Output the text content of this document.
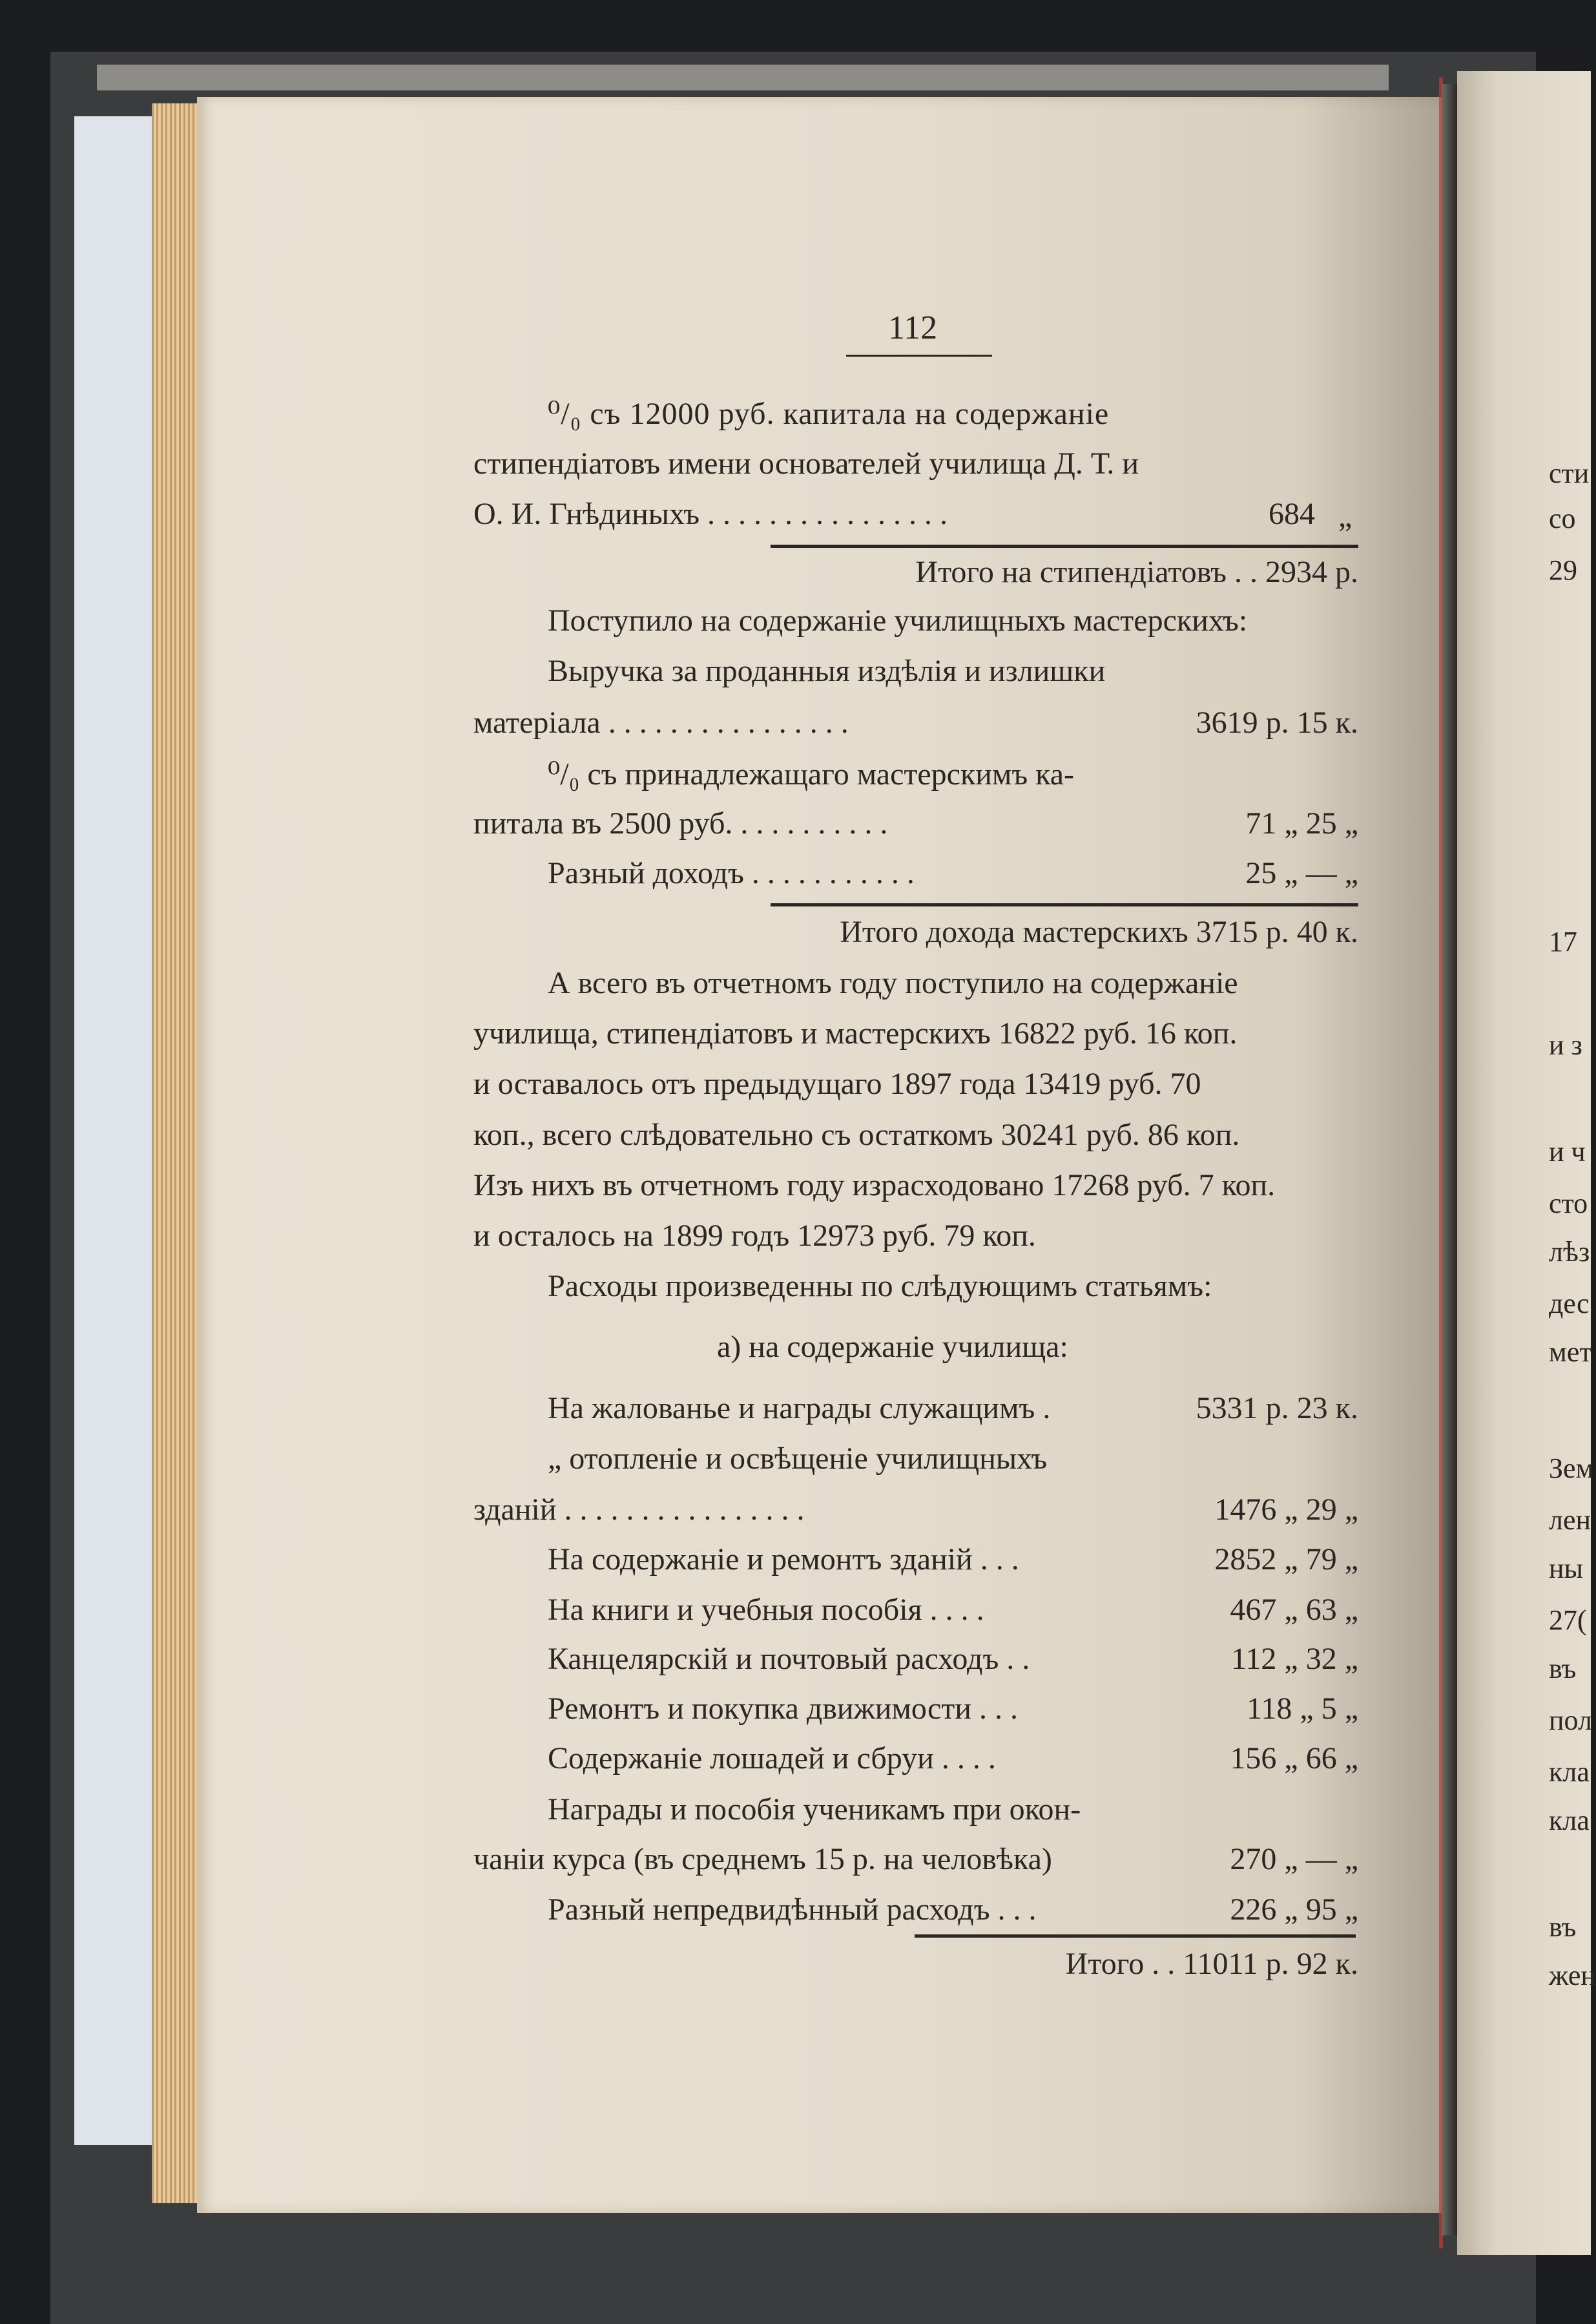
112
⁰/₀ съ 12000 руб. капитала на содержаніе
стипендіатовъ имени основателей училища Д. Т. и
О. И. Гнѣдиныхъ . . . . . . . . . . . . . . . .	684 „
Итого на стипендіатовъ . . 2934 р.
Поступило на содержаніе училищныхъ мастерскихъ:
Выручка за проданныя издѣлія и излишки
матеріала . . . . . . . . . . . . . . . .	3619 р. 15 к.
⁰/₀ съ принадлежащаго мастерскимъ ка-
питала въ 2500 руб. . . . . . . . . . .	71 „ 25 „
Разный доходъ . . . . . . . . . . .	25 „ — „
Итого дохода мастерскихъ 3715 р. 40 к.
А всего въ отчетномъ году поступило на содержаніе
училища, стипендіатовъ и мастерскихъ 16822 руб. 16 коп.
и оставалось отъ предыдущаго 1897 года 13419 руб. 70
коп., всего слѣдовательно съ остаткомъ 30241 руб. 86 коп.
Изъ нихъ въ отчетномъ году израсходовано 17268 руб. 7 коп.
и осталось на 1899 годъ 12973 руб. 79 коп.
Расходы произведенны по слѣдующимъ статьямъ:
а) на содержаніе училища:
На жалованье и награды служащимъ .	5331 р. 23 к.
„ отопленіе и освѣщеніе училищныхъ
зданій . . . . . . . . . . . . . . . .	1476 „ 29 „
На содержаніе и ремонтъ зданій . . .	2852 „ 79 „
На книги и учебныя пособія . . . .	467 „ 63 „
Канцелярскій и почтовый расходъ . .	112 „ 32 „
Ремонтъ и покупка движимости . . .	118 „ 5 „
Содержаніе лошадей и сбруи . . . .	156 „ 66 „
Награды и пособія ученикамъ при окон-
чаніи курса (въ среднемъ 15 р. на человѣка)	270 „ — „
Разный непредвидѣнный расходъ . . .	226 „ 95 „
Итого . . 11011 р. 92 к.
сти
со
29
17
и з
и ч
сто
лѣз
дес
мет
Зем
лен
ны
27(
въ
пол
кла
кла
въ
жен
